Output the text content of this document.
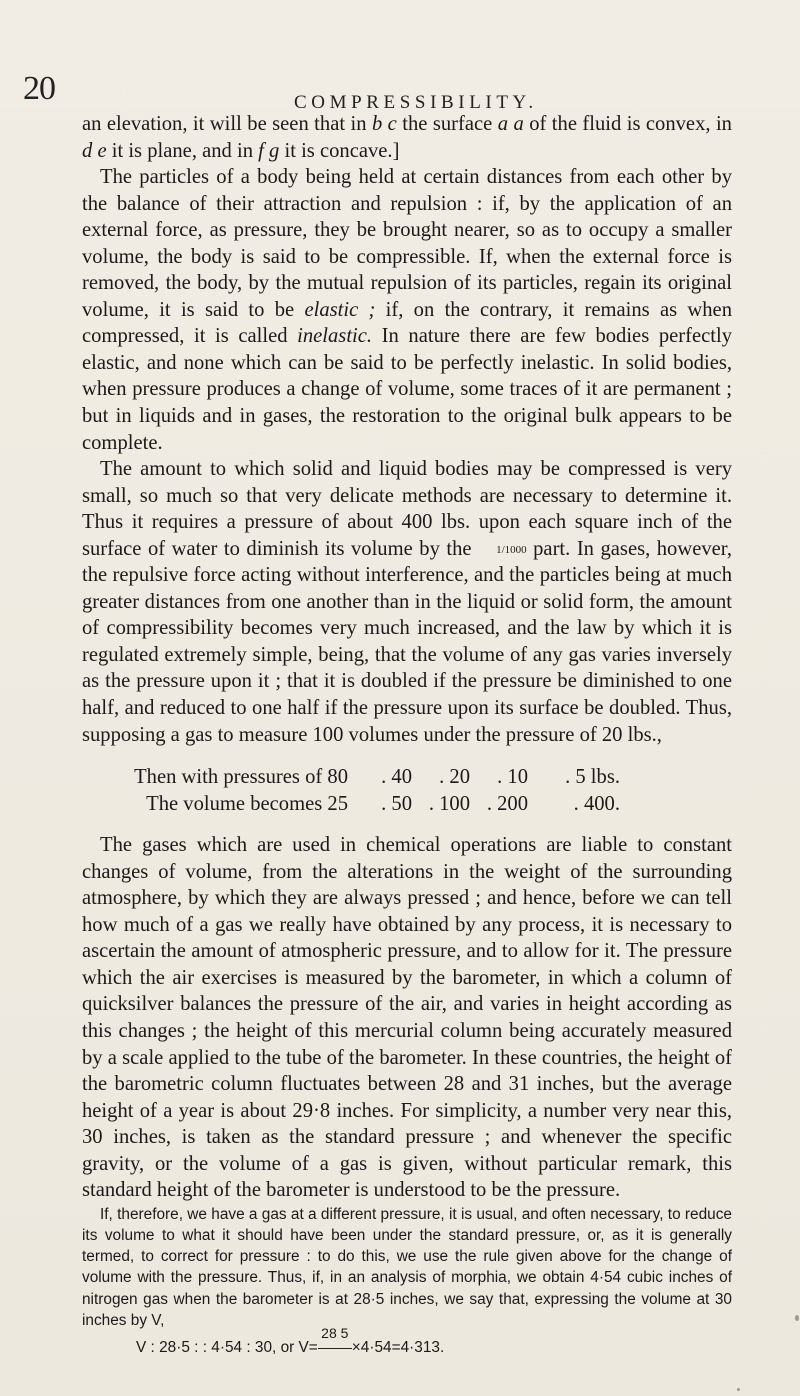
20	COMPRESSIBILITY.

an elevation, it will be seen that in b c the surface a a of the fluid is convex, in d e it is plane, and in f g it is concave.]

The particles of a body being held at certain distances from each other by the balance of their attraction and repulsion : if, by the application of an external force, as pressure, they be brought nearer, so as to occupy a smaller volume, the body is said to be compressible. If, when the external force is removed, the body, by the mutual repulsion of its particles, regain its original volume, it is said to be elastic ; if, on the contrary, it remains as when compressed, it is called inelastic. In nature there are few bodies perfectly elastic, and none which can be said to be perfectly inelastic. In solid bodies, when pressure produces a change of volume, some traces of it are permanent ; but in liquids and in gases, the restoration to the original bulk appears to be complete.

The amount to which solid and liquid bodies may be compressed is very small, so much so that very delicate methods are necessary to determine it. Thus it requires a pressure of about 400 lbs. upon each square inch of the surface of water to diminish its volume by the 1/1000 part. In gases, however, the repulsive force acting without interference, and the particles being at much greater distances from one another than in the liquid or solid form, the amount of compressibility becomes very much increased, and the law by which it is regulated extremely simple, being, that the volume of any gas varies inversely as the pressure upon it ; that it is doubled if the pressure be diminished to one half, and reduced to one half if the pressure upon its surface be doubled. Thus, supposing a gas to measure 100 volumes under the pressure of 20 lbs.,

Then with pressures of 80	. 40	. 20	. 10	. 5 lbs.
The volume becomes 25	. 50 . 100 . 200	. 400.

The gases which are used in chemical operations are liable to constant changes of volume, from the alterations in the weight of the surrounding atmosphere, by which they are always pressed ; and hence, before we can tell how much of a gas we really have obtained by any process, it is necessary to ascertain the amount of atmospheric pressure, and to allow for it. The pressure which the air exercises is measured by the barometer, in which a column of quicksilver balances the pressure of the air, and varies in height according as this changes ; the height of this mercurial column being accurately measured by a scale applied to the tube of the barometer. In these countries, the height of the barometric column fluctuates between 28 and 31 inches, but the average height of a year is about 29·8 inches. For simplicity, a number very near this, 30 inches, is taken as the standard pressure ; and whenever the specific gravity, or the volume of a gas is given, without particular remark, this standard height of the barometer is understood to be the pressure.

If, therefore, we have a gas at a different pressure, it is usual, and often necessary, to reduce its volume to what it should have been under the standard pressure, or, as it is generally termed, to correct for pressure : to do this, we use the rule given above for the change of volume with the pressure. Thus, if, in an analysis of morphia, we obtain 4·54 cubic inches of nitrogen gas when the barometer is at 28·5 inches, we say that, expressing the volume at 30 inches by V,

V : 28·5 : : 4·54 : 30, or V=
28 5
×4·54=4·313.
